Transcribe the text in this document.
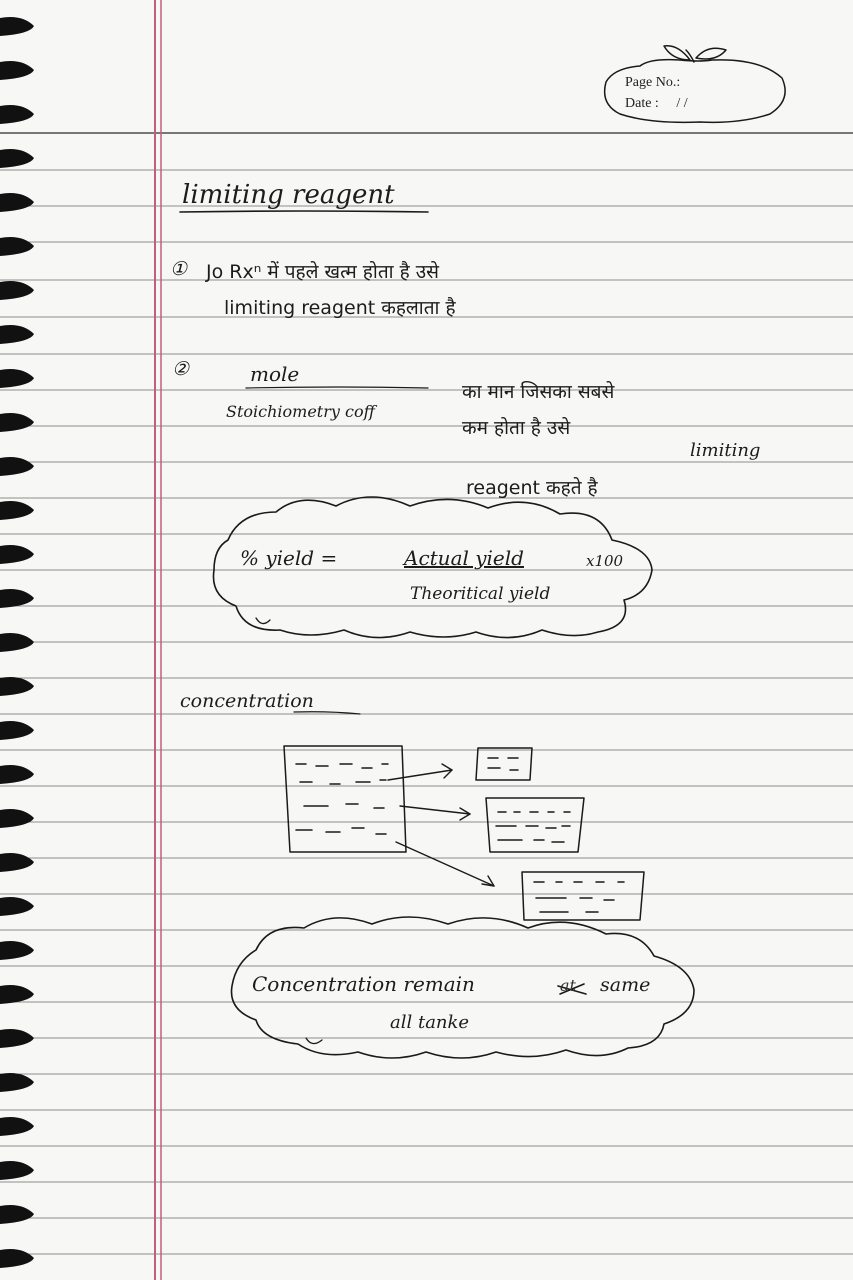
Page No.:
Date : / /
limiting reagent
① Jo Rxⁿ में पहले खत्म होता है उसे
limiting reagent कहलाता है
②	mole
Stoichiometry coff
का मान जिसका सबसे
कम होता है उसे
limiting
reagent कहते है
% yield =	Actual yield	x100
Theoritical yield
concentration
Concentration remain	at same
all tanke
